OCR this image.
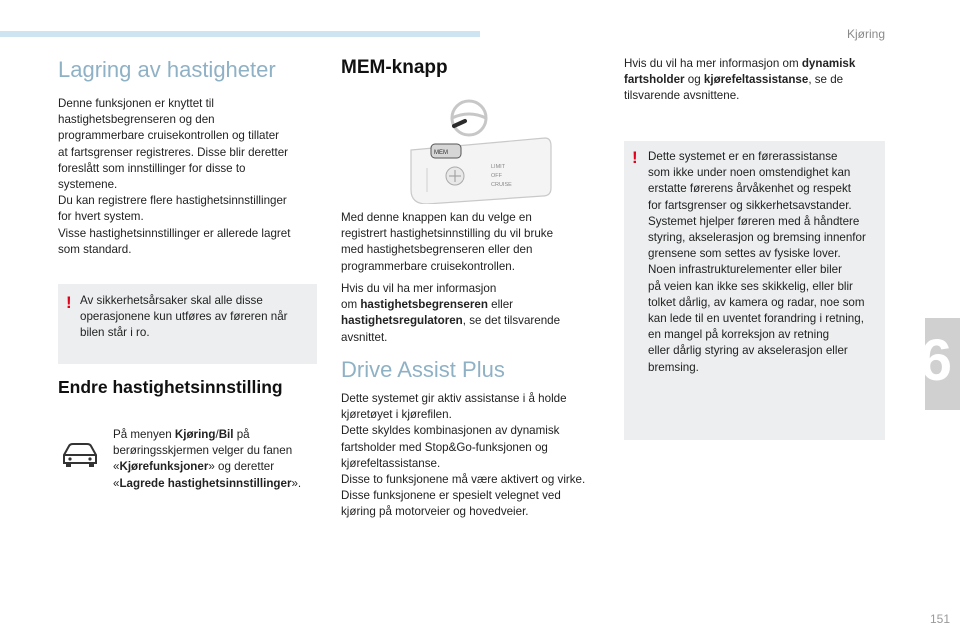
Kjøring
6
151
Lagring av hastigheter

Denne funksjonen er knyttet til

hastighetsbegrenseren og den

programmerbare cruisekontrollen og tillater

at fartsgrenser registreres. Disse blir deretter

foreslått som innstillinger for disse to

systemene.

Du kan registrere flere hastighetsinnstillinger

for hvert system.

Visse hastighetsinnstillinger er allerede lagret

som standard.

! Av sikkerhetsårsaker skal alle disse

operasjonene kun utføres av føreren når

bilen står i ro.

Endre hastighetsinnstilling

På menyen Kjøring/Bil på

berøringsskjermen velger du fanen

«Kjørefunksjoner» og deretter

«Lagrede hastighetsinnstillinger».

MEM-knapp
MEM
LIMIT
OFF
CRUISE

Med denne knappen kan du velge en

registrert hastighetsinnstilling du vil bruke

med hastighetsbegrenseren eller den

programmerbare cruisekontrollen.

Hvis du vil ha mer informasjon

om hastighetsbegrenseren eller

hastighetsregulatoren, se det tilsvarende

avsnittet.

Drive Assist Plus

Dette systemet gir aktiv assistanse i å holde

kjøretøyet i kjørefilen.

Dette skyldes kombinasjonen av dynamisk

fartsholder med Stop&Go-funksjonen og

kjørefeltassistanse.

Disse to funksjonene må være aktivert og virke.

Disse funksjonene er spesielt velegnet ved

kjøring på motorveier og hovedveier.

Hvis du vil ha mer informasjon om dynamisk

fartsholder og kjørefeltassistanse, se de

tilsvarende avsnittene.

! Dette systemet er en førerassistanse

som ikke under noen omstendighet kan

erstatte førerens årvåkenhet og respekt

for fartsgrenser og sikkerhetsavstander.

Systemet hjelper føreren med å håndtere

styring, akselerasjon og bremsing innenfor

grensene som settes av fysiske lover.

Noen infrastrukturelementer eller biler

på veien kan ikke ses skikkelig, eller blir

tolket dårlig, av kamera og radar, noe som

kan lede til en uventet forandring i retning,

en mangel på korreksjon av retning

eller dårlig styring av akselerasjon eller

bremsing.
